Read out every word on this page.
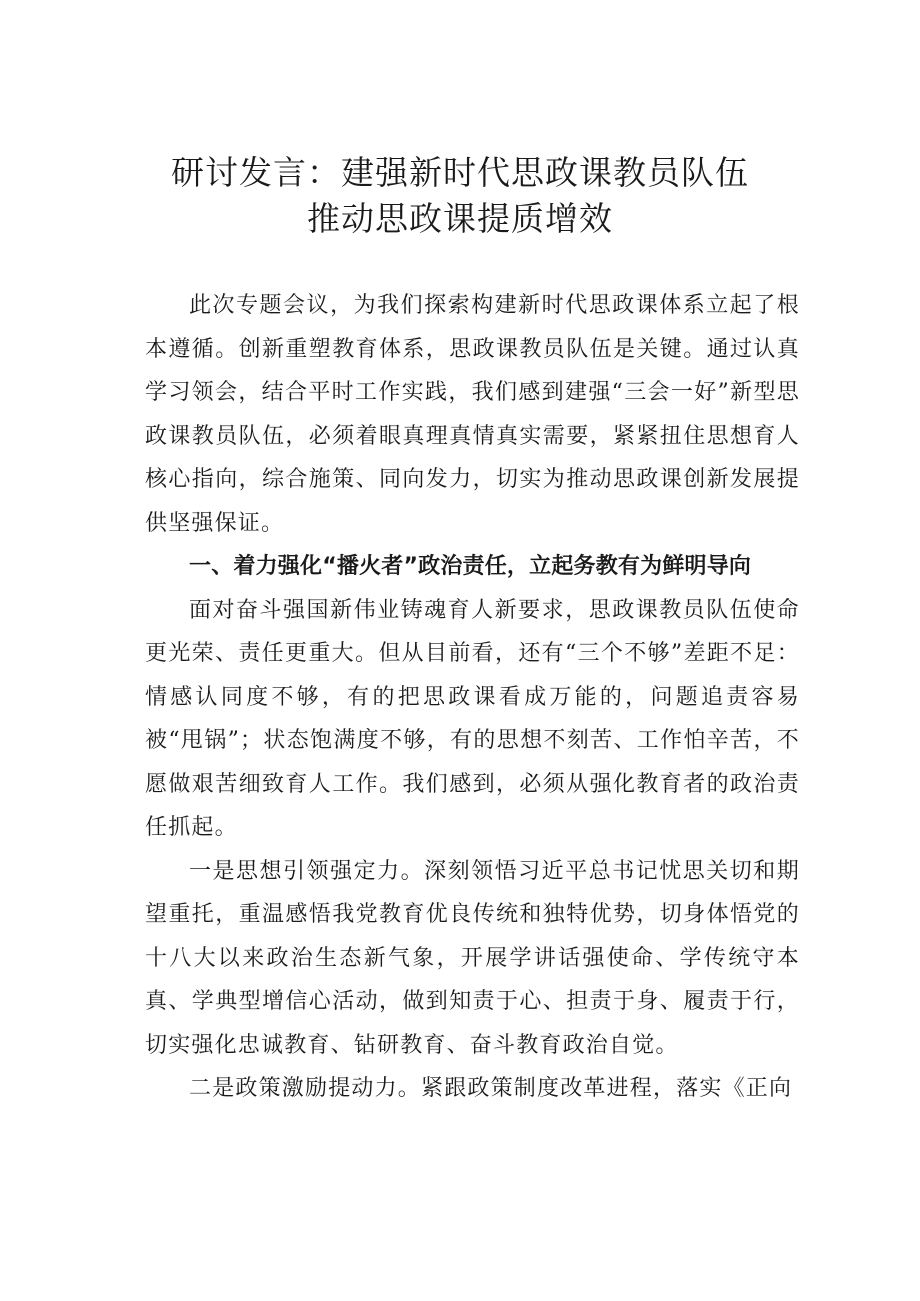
研讨发言：建强新时代思政课教员队伍
推动思政课提质增效

此次专题会议，为我们探索构建新时代思政课体系立起了根本遵循。创新重塑教育体系，思政课教员队伍是关键。通过认真学习领会，结合平时工作实践，我们感到建强“三会一好”新型思政课教员队伍，必须着眼真理真情真实需要，紧紧扭住思想育人核心指向，综合施策、同向发力，切实为推动思政课创新发展提供坚强保证。

一、着力强化“播火者”政治责任，立起务教有为鲜明导向

面对奋斗强国新伟业铸魂育人新要求，思政课教员队伍使命更光荣、责任更重大。但从目前看，还有“三个不够”差距不足：情感认同度不够，有的把思政课看成万能的，问题追责容易被“甩锅”；状态饱满度不够，有的思想不刻苦、工作怕辛苦，不愿做艰苦细致育人工作。我们感到，必须从强化教育者的政治责任抓起。

一是思想引领强定力。深刻领悟习近平总书记忧思关切和期望重托，重温感悟我党教育优良传统和独特优势，切身体悟党的十八大以来政治生态新气象，开展学讲话强使命、学传统守本真、学典型增信心活动，做到知责于心、担责于身、履责于行，切实强化忠诚教育、钻研教育、奋斗教育政治自觉。

二是政策激励提动力。紧跟政策制度改革进程，落实《正向
